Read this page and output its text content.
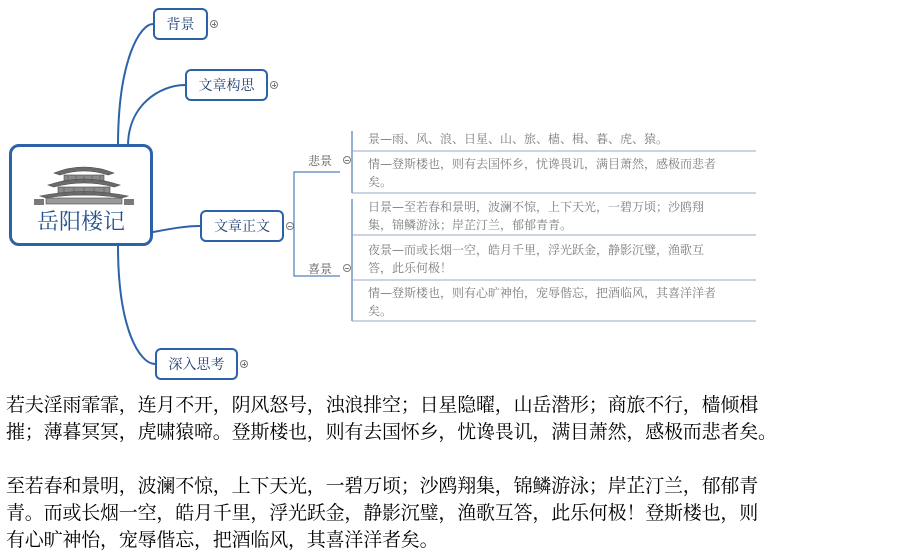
岳阳楼记
背景
文章构思
文章正文
深入思考
悲景
景—雨、风、浪、日星、山、旅、樯、楫、暮、虎、猿。
情—登斯楼也，则有去国怀乡，忧谗畏讥，满目萧然，感极而悲者
矣。
喜景
日景—至若春和景明，波澜不惊，上下天光，一碧万顷；沙鸥翔
集，锦鳞游泳；岸芷汀兰，郁郁青青。
夜景—而或长烟一空，皓月千里，浮光跃金，静影沉璧，渔歌互
答，此乐何极！
情—登斯楼也，则有心旷神怡，宠辱偕忘，把酒临风，其喜洋洋者
矣。
若夫淫雨霏霏，连月不开，阴风怒号，浊浪排空；日星隐曜，山岳潜形；商旅不行，樯倾楫
摧；薄暮冥冥，虎啸猿啼。登斯楼也，则有去国怀乡，忧谗畏讥，满目萧然，感极而悲者矣。
至若春和景明，波澜不惊，上下天光，一碧万顷；沙鸥翔集，锦鳞游泳；岸芷汀兰，郁郁青
青。而或长烟一空，皓月千里，浮光跃金，静影沉璧，渔歌互答，此乐何极！登斯楼也，则
有心旷神怡，宠辱偕忘，把酒临风，其喜洋洋者矣。
